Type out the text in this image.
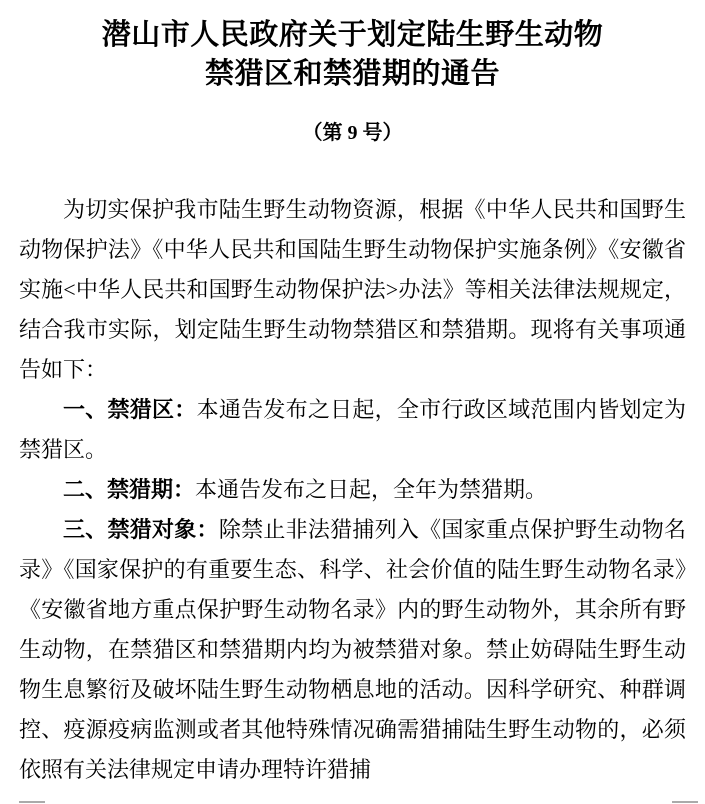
潜山市人民政府关于划定陆生野生动物
禁猎区和禁猎期的通告
（第 9 号）

为切实保护我市陆生野生动物资源，根据《中华人民共和国野生动物保护法》《中华人民共和国陆生野生动物保护实施条例》《安徽省实施<中华人民共和国野生动物保护法>办法》等相关法律法规规定，结合我市实际，划定陆生野生动物禁猎区和禁猎期。现将有关事项通告如下：

一、禁猎区：本通告发布之日起，全市行政区域范围内皆划定为禁猎区。

二、禁猎期：本通告发布之日起，全年为禁猎期。

三、禁猎对象：除禁止非法猎捕列入《国家重点保护野生动物名录》《国家保护的有重要生态、科学、社会价值的陆生野生动物名录》《安徽省地方重点保护野生动物名录》内的野生动物外，其余所有野生动物，在禁猎区和禁猎期内均为被禁猎对象。禁止妨碍陆生野生动物生息繁衍及破坏陆生野生动物栖息地的活动。因科学研究、种群调控、疫源疫病监测或者其他特殊情况确需猎捕陆生野生动物的，必须依照有关法律规定申请办理特许猎捕
